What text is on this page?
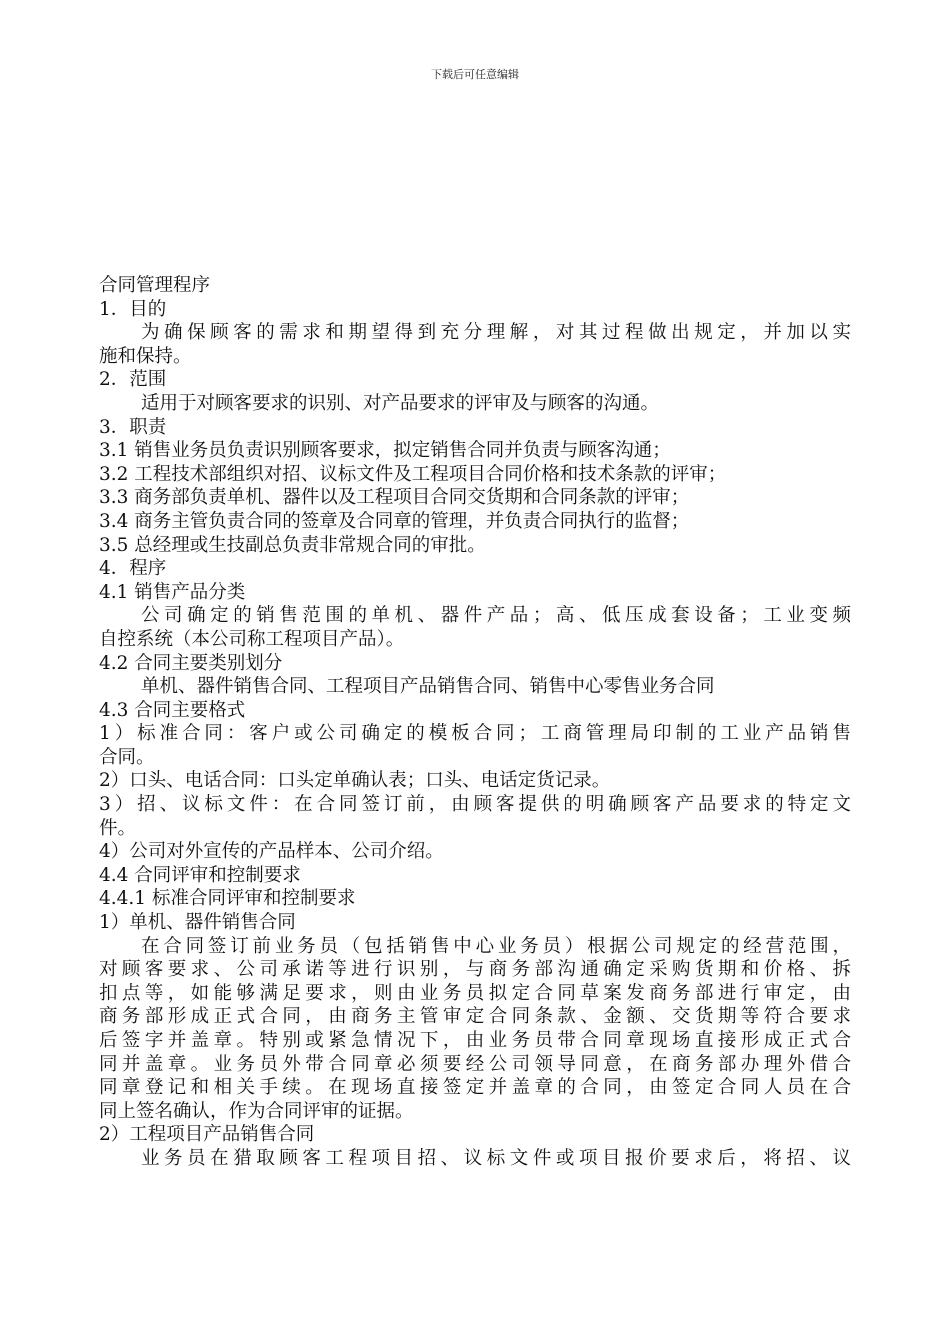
下载后可任意编辑
合同管理程序
1．目的
为确保顾客的需求和期望得到充分理解，对其过程做出规定，并加以实
施和保持。
2．范围
适用于对顾客要求的识别、对产品要求的评审及与顾客的沟通。
3．职责
3.1 销售业务员负责识别顾客要求，拟定销售合同并负责与顾客沟通；
3.2 工程技术部组织对招、议标文件及工程项目合同价格和技术条款的评审；
3.3 商务部负责单机、器件以及工程项目合同交货期和合同条款的评审；
3.4 商务主管负责合同的签章及合同章的管理，并负责合同执行的监督；
3.5 总经理或生技副总负责非常规合同的审批。
4．程序
4.1 销售产品分类
公司确定的销售范围的单机、器件产品；高、低压成套设备；工业变频
自控系统（本公司称工程项目产品）。
4.2 合同主要类别划分
单机、器件销售合同、工程项目产品销售合同、销售中心零售业务合同
4.3 合同主要格式
1）标准合同：客户或公司确定的模板合同；工商管理局印制的工业产品销售
合同。
2）口头、电话合同：口头定单确认表；口头、电话定货记录。
3）招、议标文件：在合同签订前，由顾客提供的明确顾客产品要求的特定文
件。
4）公司对外宣传的产品样本、公司介绍。
4.4 合同评审和控制要求
4.4.1 标准合同评审和控制要求
1）单机、器件销售合同
在合同签订前业务员（包括销售中心业务员）根据公司规定的经营范围，
对顾客要求、公司承诺等进行识别，与商务部沟通确定采购货期和价格、拆
扣点等，如能够满足要求，则由业务员拟定合同草案发商务部进行审定，由
商务部形成正式合同，由商务主管审定合同条款、金额、交货期等符合要求
后签字并盖章。特别或紧急情况下，由业务员带合同章现场直接形成正式合
同并盖章。业务员外带合同章必须要经公司领导同意，在商务部办理外借合
同章登记和相关手续。在现场直接签定并盖章的合同，由签定合同人员在合
同上签名确认，作为合同评审的证据。
2）工程项目产品销售合同
业务员在猎取顾客工程项目招、议标文件或项目报价要求后，将招、议
